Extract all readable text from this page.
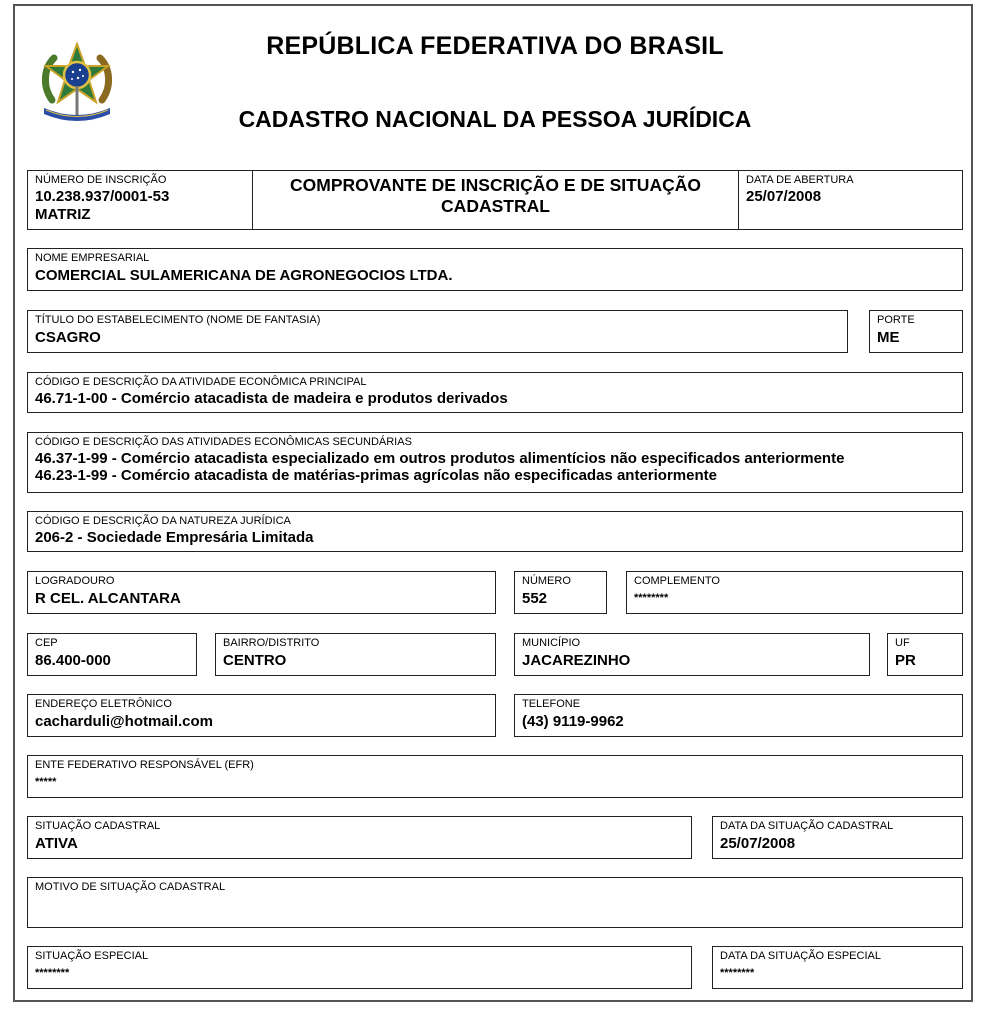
REPÚBLICA FEDERATIVA DO BRASIL
CADASTRO NACIONAL DA PESSOA JURÍDICA
NÚMERO DE INSCRIÇÃO
10.238.937/0001-53
MATRIZ
COMPROVANTE DE INSCRIÇÃO E DE SITUAÇÃO
CADASTRAL
DATA DE ABERTURA
25/07/2008
NOME EMPRESARIAL
COMERCIAL SULAMERICANA DE AGRONEGOCIOS LTDA.
TÍTULO DO ESTABELECIMENTO (NOME DE FANTASIA)
CSAGRO
PORTE
ME
CÓDIGO E DESCRIÇÃO DA ATIVIDADE ECONÔMICA PRINCIPAL
46.71-1-00 - Comércio atacadista de madeira e produtos derivados
CÓDIGO E DESCRIÇÃO DAS ATIVIDADES ECONÔMICAS SECUNDÁRIAS
46.37-1-99 - Comércio atacadista especializado em outros produtos alimentícios não especificados anteriormente
46.23-1-99 - Comércio atacadista de matérias-primas agrícolas não especificadas anteriormente
CÓDIGO E DESCRIÇÃO DA NATUREZA JURÍDICA
206-2 - Sociedade Empresária Limitada
LOGRADOURO
R CEL. ALCANTARA
NÚMERO
552
COMPLEMENTO
********
CEP
86.400-000
BAIRRO/DISTRITO
CENTRO
MUNICÍPIO
JACAREZINHO
UF
PR
ENDEREÇO ELETRÔNICO
cacharduli@hotmail.com
TELEFONE
(43) 9119-9962
ENTE FEDERATIVO RESPONSÁVEL (EFR)
*****
SITUAÇÃO CADASTRAL
ATIVA
DATA DA SITUAÇÃO CADASTRAL
25/07/2008
MOTIVO DE SITUAÇÃO CADASTRAL
SITUAÇÃO ESPECIAL
********
DATA DA SITUAÇÃO ESPECIAL
********
